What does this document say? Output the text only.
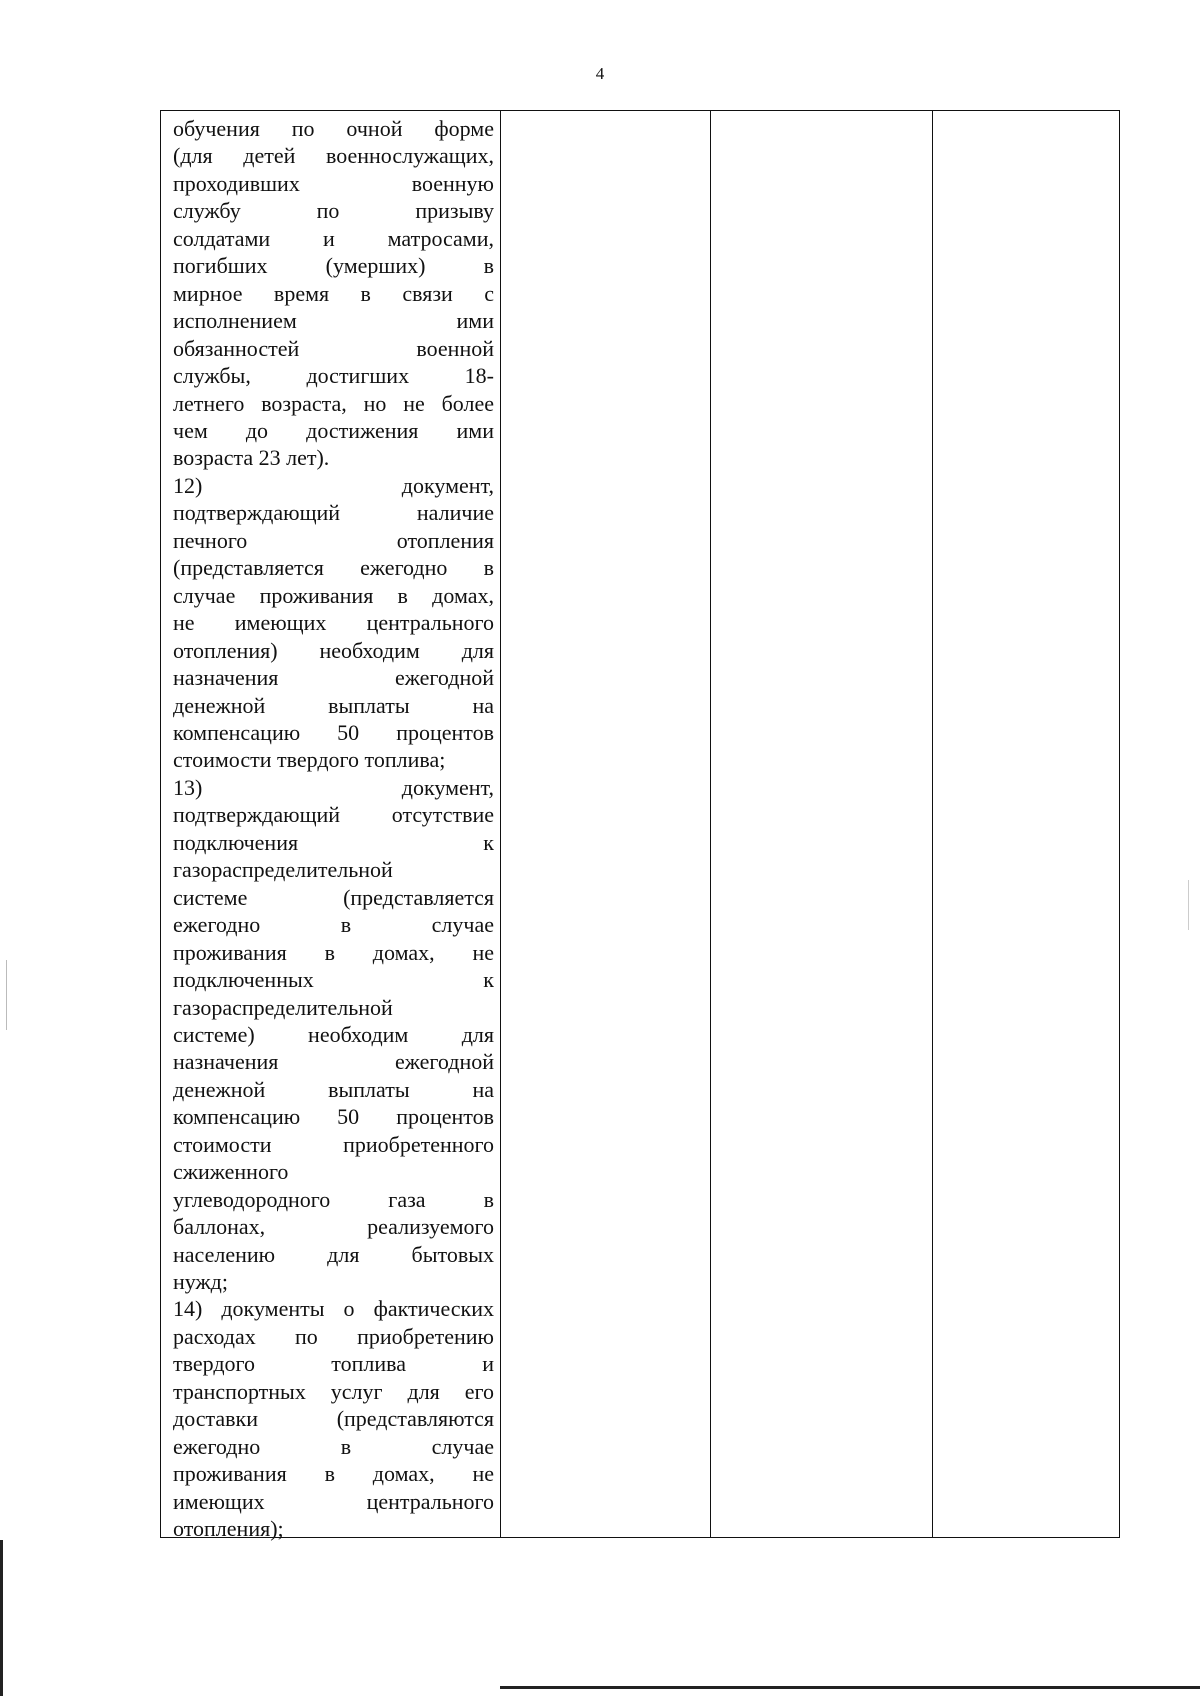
4
обучения по очной форме
(для детей военнослужащих,
проходивших военную
службу по призыву
солдатами и матросами,
погибших (умерших) в
мирное время в связи с
исполнением ими
обязанностей военной
службы, достигших 18-
летнего возраста, но не более
чем до достижения ими
возраста 23 лет).
12) документ,
подтверждающий наличие
печного отопления
(представляется ежегодно в
случае проживания в домах,
не имеющих центрального
отопления) необходим для
назначения ежегодной
денежной выплаты на
компенсацию 50 процентов
стоимости твердого топлива;
13) документ,
подтверждающий отсутствие
подключения к
газораспределительной
системе (представляется
ежегодно в случае
проживания в домах, не
подключенных к
газораспределительной
системе) необходим для
назначения ежегодной
денежной выплаты на
компенсацию 50 процентов
стоимости приобретенного
сжиженного
углеводородного газа в
баллонах, реализуемого
населению для бытовых
нужд;
14) документы о фактических
расходах по приобретению
твердого топлива и
транспортных услуг для его
доставки (представляются
ежегодно в случае
проживания в домах, не
имеющих центрального
отопления);
